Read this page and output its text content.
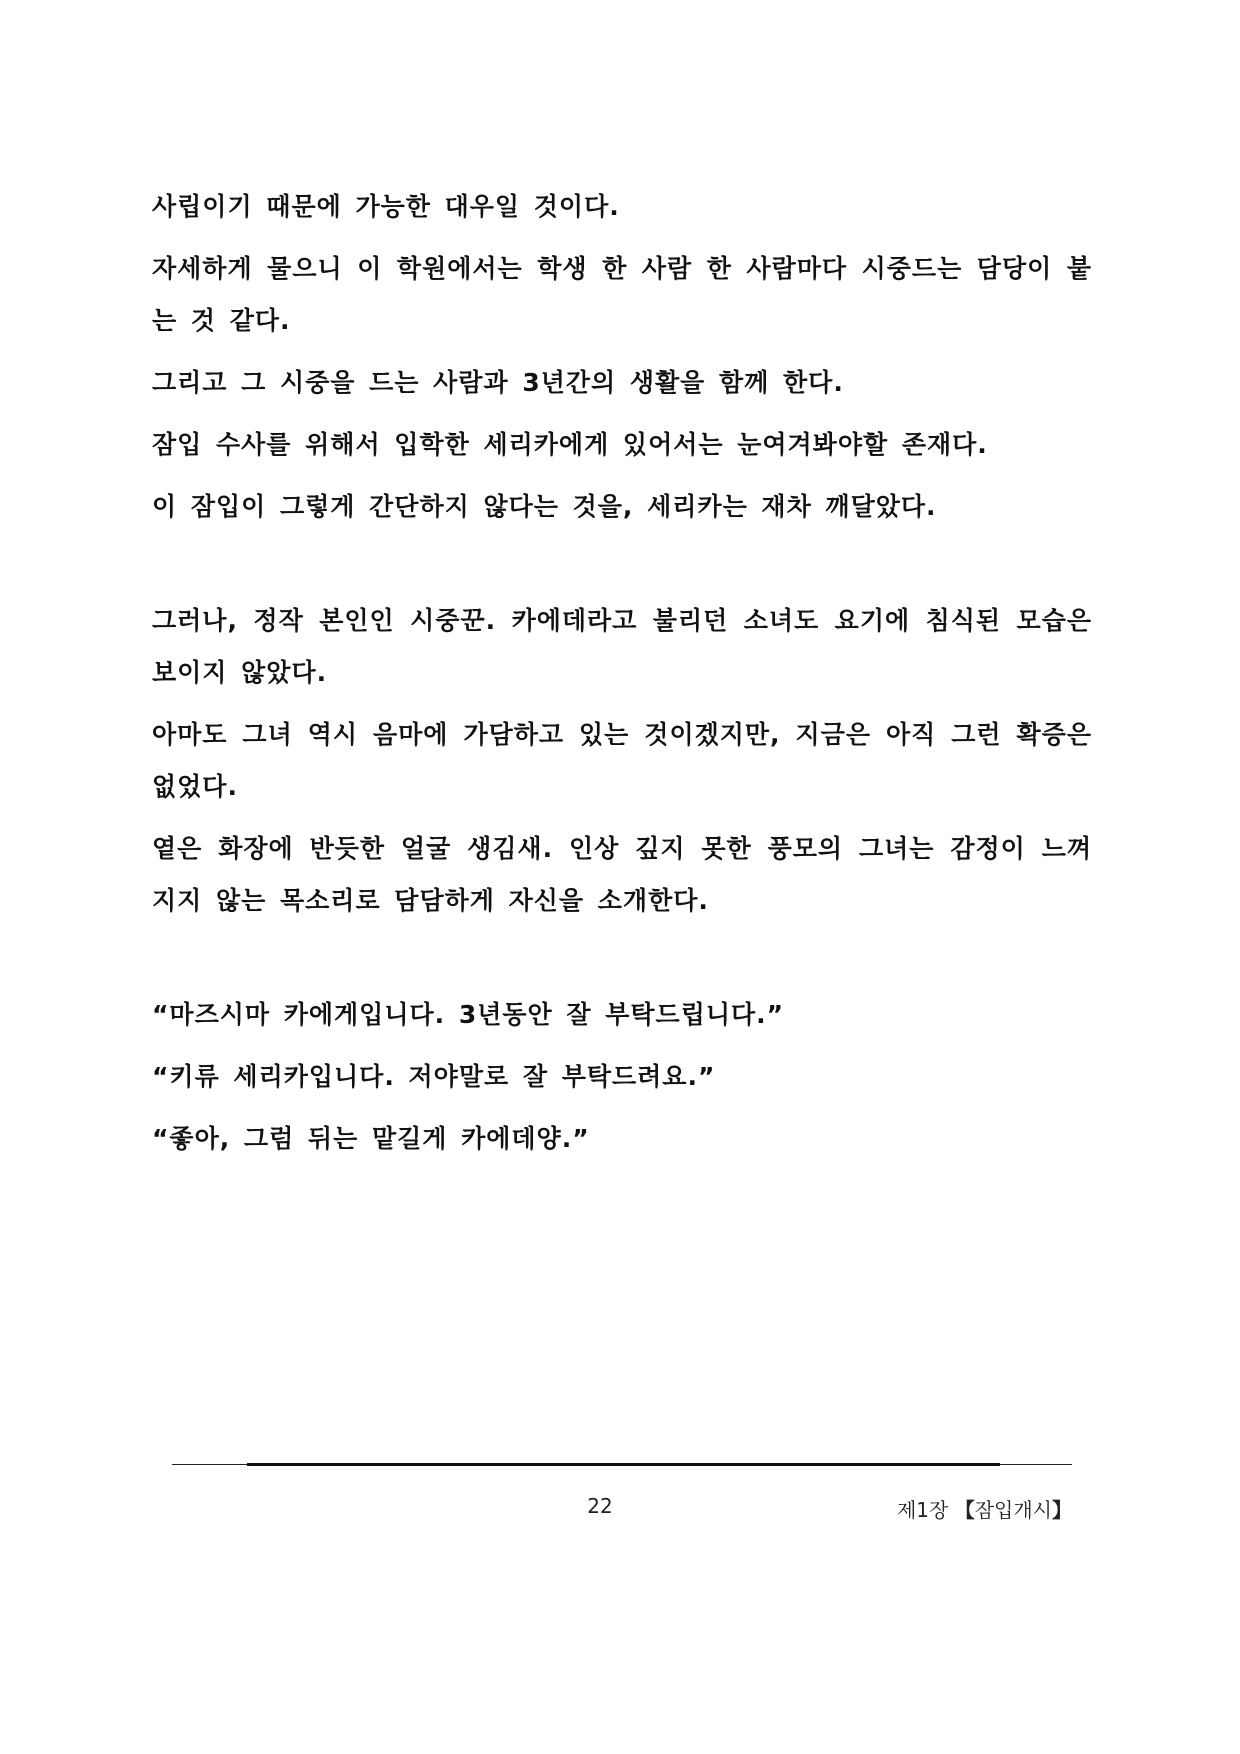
사립이기 때문에 가능한 대우일 것이다.

자세하게 물으니 이 학원에서는 학생 한 사람 한 사람마다 시중드는 담당이 붙는 것 같다.

그리고 그 시중을 드는 사람과 3년간의 생활을 함께 한다.

잠입 수사를 위해서 입학한 세리카에게 있어서는 눈여겨봐야할 존재다.

이 잠입이 그렇게 간단하지 않다는 것을, 세리카는 재차 깨달았다.

그러나, 정작 본인인 시중꾼. 카에데라고 불리던 소녀도 요기에 침식된 모습은 보이지 않았다.

아마도 그녀 역시 음마에 가담하고 있는 것이겠지만, 지금은 아직 그런 확증은 없었다.

옅은 화장에 반듯한 얼굴 생김새. 인상 깊지 못한 풍모의 그녀는 감정이 느껴지지 않는 목소리로 담담하게 자신을 소개한다.

“마즈시마 카에게입니다. 3년동안 잘 부탁드립니다.”

“키류 세리카입니다. 저야말로 잘 부탁드려요.”

“좋아, 그럼 뒤는 맡길게 카에데양.”

22	제1장 【잠입개시】
